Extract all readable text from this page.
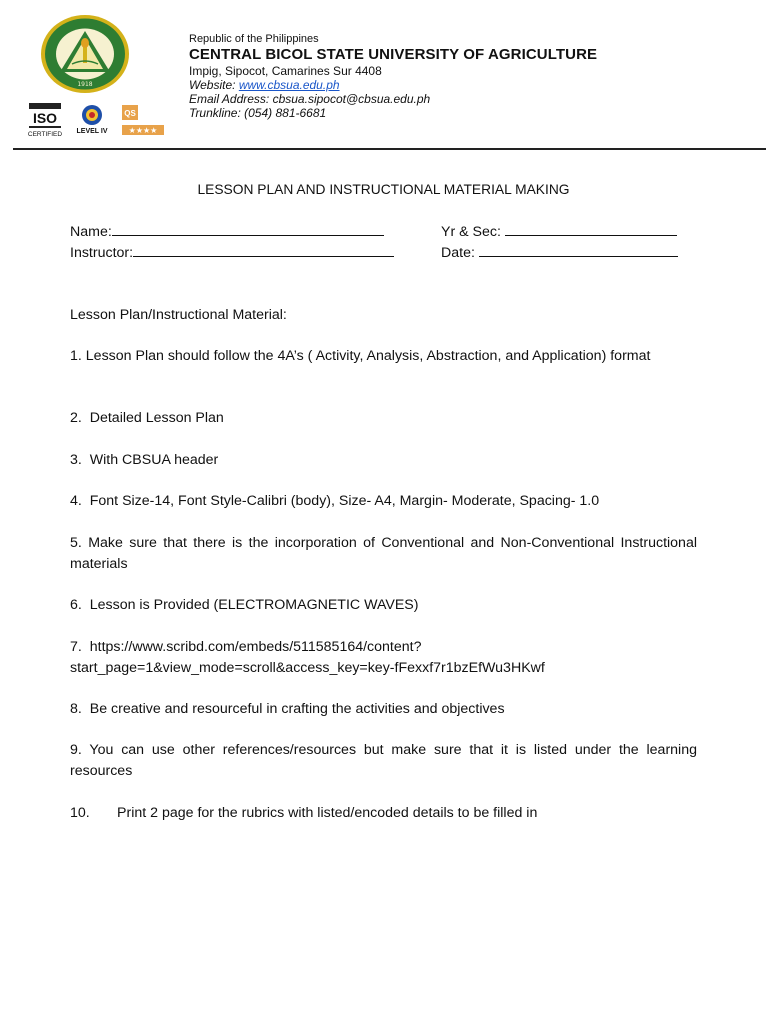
1918
ISO
CERTIFIED LEVEL IV
QS
★★★★

Republic of the Philippines

CENTRAL BICOL STATE UNIVERSITY OF AGRICULTURE

Impig, Sipocot, Camarines Sur 4408

Website: www.cbsua.edu.ph

Email Address: cbsua.sipocot@cbsua.edu.ph

Trunkline: (054) 881-6681

LESSON PLAN AND INSTRUCTIONAL MATERIAL MAKING

Name:	Yr & Sec:
Instructor:	Date:

Lesson Plan/Instructional Material:

1. Lesson Plan should follow the 4A’s ( Activity, Analysis, Abstraction, and Application) format

2. Detailed Lesson Plan

3. With CBSUA header

4. Font Size-14, Font Style-Calibri (body), Size- A4, Margin- Moderate, Spacing- 1.0

5. Make sure that there is the incorporation of Conventional and Non-Conventional Instructional materials

6. Lesson is Provided (ELECTROMAGNETIC WAVES)

7. https://www.scribd.com/embeds/511585164/content?
start_page=1&view_mode=scroll&access_key=key-fFexxf7r1bzEfWu3HKwf

8. Be creative and resourceful in crafting the activities and objectives

9. You can use other references/resources but make sure that it is listed under the learning resources

10. Print 2 page for the rubrics with listed/encoded details to be filled in
